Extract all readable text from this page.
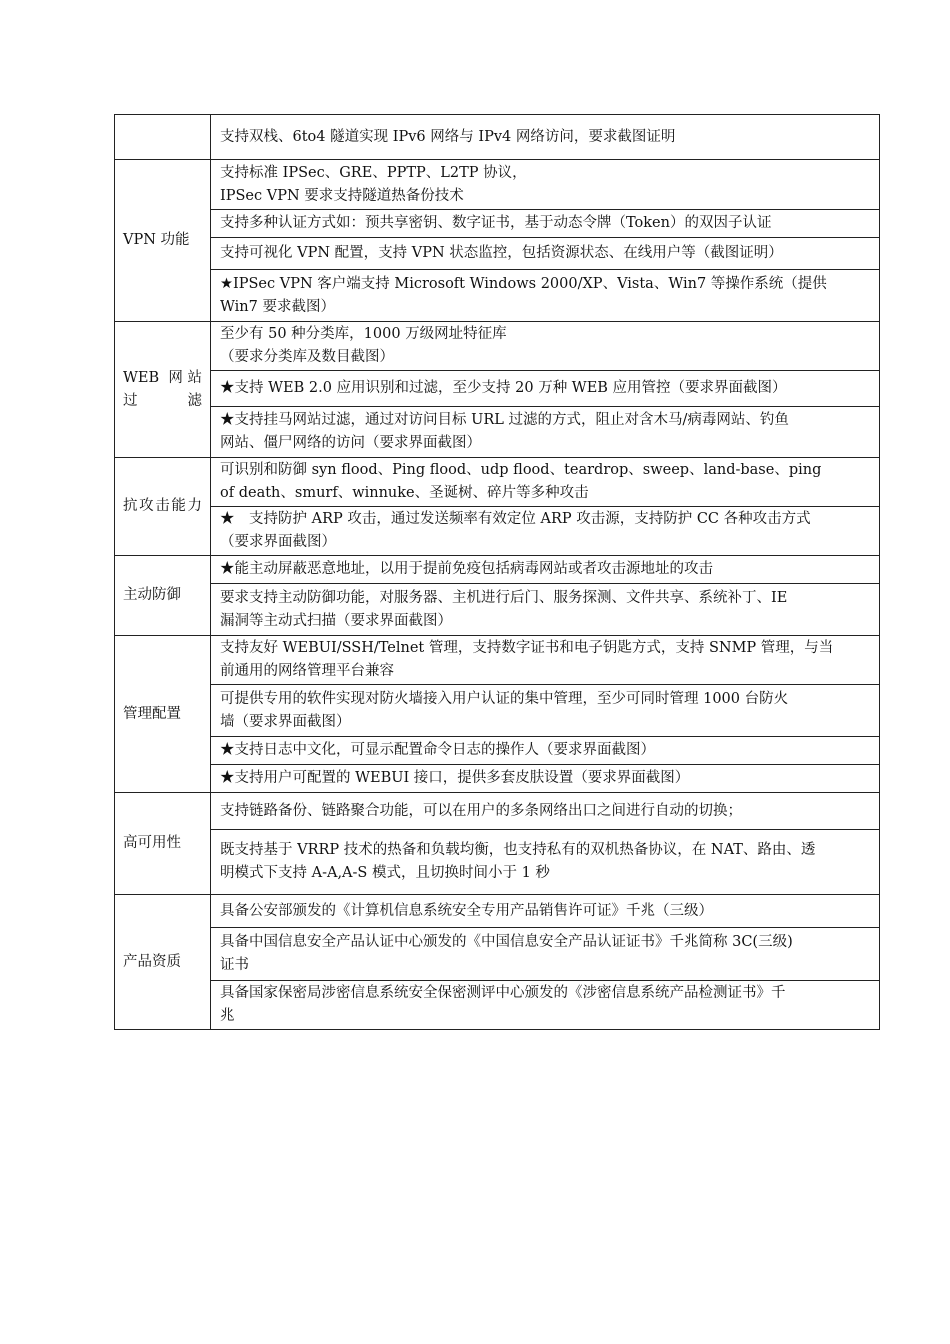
	支持双栈、6to4 隧道实现 IPv6 网络与 IPv4 网络访问，要求截图证明

VPN 功能	支持标准 IPSec、GRE、PPTP、L2TP 协议，
IPSec VPN 要求支持隧道热备份技术

	支持多种认证方式如：预共享密钥、数字证书，基于动态令牌（Token）的双因子认证

	支持可视化 VPN 配置，支持 VPN 状态监控，包括资源状态、在线用户等（截图证明）

	★IPSec VPN 客户端支持 Microsoft Windows 2000/XP、Vista、Win7 等操作系统（提供
Win7 要求截图）

WEB 网站过滤	至少有 50 种分类库，1000 万级网址特征库
（要求分类库及数目截图）

	★支持 WEB 2.0 应用识别和过滤，至少支持 20 万种 WEB 应用管控（要求界面截图）

	★支持挂马网站过滤，通过对访问目标 URL 过滤的方式，阻止对含木马/病毒网站、钓鱼
网站、僵尸网络的访问（要求界面截图）

抗攻击能力	可识别和防御 syn flood、Ping flood、udp flood、teardrop、sweep、land-base、ping
of death、smurf、winnuke、圣诞树、碎片等多种攻击

	★　支持防护 ARP 攻击，通过发送频率有效定位 ARP 攻击源，支持防护 CC 各种攻击方式
（要求界面截图）

主动防御	★能主动屏蔽恶意地址，以用于提前免疫包括病毒网站或者攻击源地址的攻击

	要求支持主动防御功能，对服务器、主机进行后门、服务探测、文件共享、系统补丁、IE
漏洞等主动式扫描（要求界面截图）

管理配置	支持友好 WEBUI/SSH/Telnet 管理，支持数字证书和电子钥匙方式，支持 SNMP 管理，与当
前通用的网络管理平台兼容

	可提供专用的软件实现对防火墙接入用户认证的集中管理，至少可同时管理 1000 台防火
墙（要求界面截图）

	★支持日志中文化，可显示配置命令日志的操作人（要求界面截图）

	★支持用户可配置的 WEBUI 接口，提供多套皮肤设置（要求界面截图）

高可用性	支持链路备份、链路聚合功能，可以在用户的多条网络出口之间进行自动的切换；

	既支持基于 VRRP 技术的热备和负载均衡，也支持私有的双机热备协议，在 NAT、路由、透
明模式下支持 A-A,A-S 模式，且切换时间小于 1 秒

产品资质	具备公安部颁发的《计算机信息系统安全专用产品销售许可证》千兆（三级）

	具备中国信息安全产品认证中心颁发的《中国信息安全产品认证证书》千兆简称 3C(三级)
证书

	具备国家保密局涉密信息系统安全保密测评中心颁发的《涉密信息系统产品检测证书》千
兆
